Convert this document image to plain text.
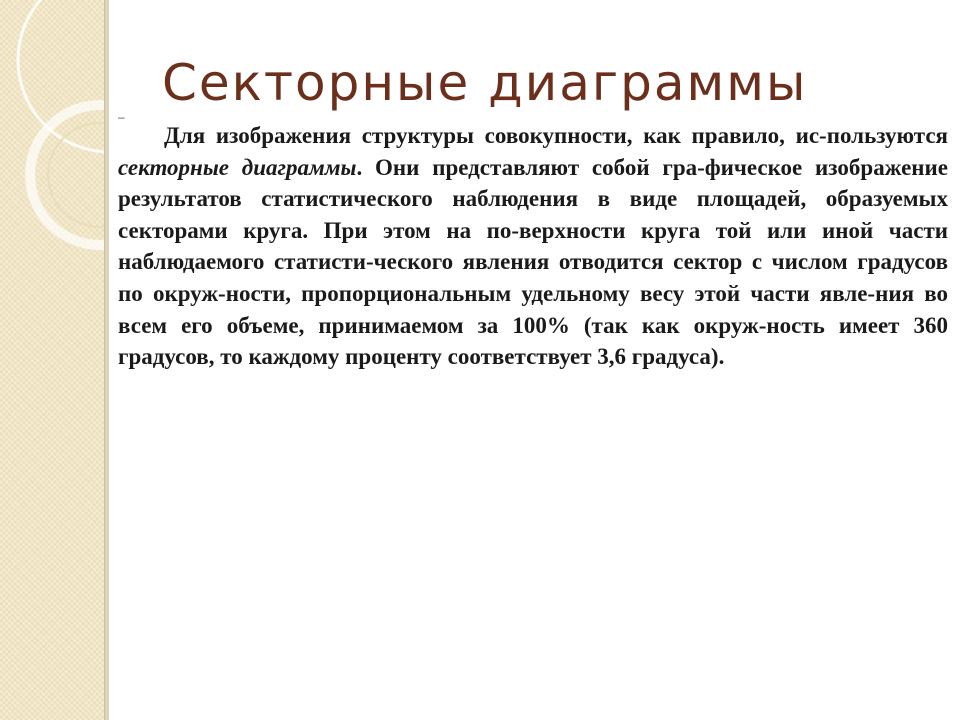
Секторные диаграммы
–

Для изображения структуры совокупности, как правило, ис-пользуются секторные диаграммы. Они представляют собой гра-фическое изображение результатов статистического наблюдения в виде площадей, образуемых секторами круга. При этом на по-верхности круга той или иной части наблюдаемого статисти-ческого явления отводится сектор с числом градусов по окруж-ности, пропорциональным удельному весу этой части явле-ния во всем его объеме, принимаемом за 100% (так как окруж-ность имеет 360 градусов, то каждому проценту соответствует 3,6 градуса).
